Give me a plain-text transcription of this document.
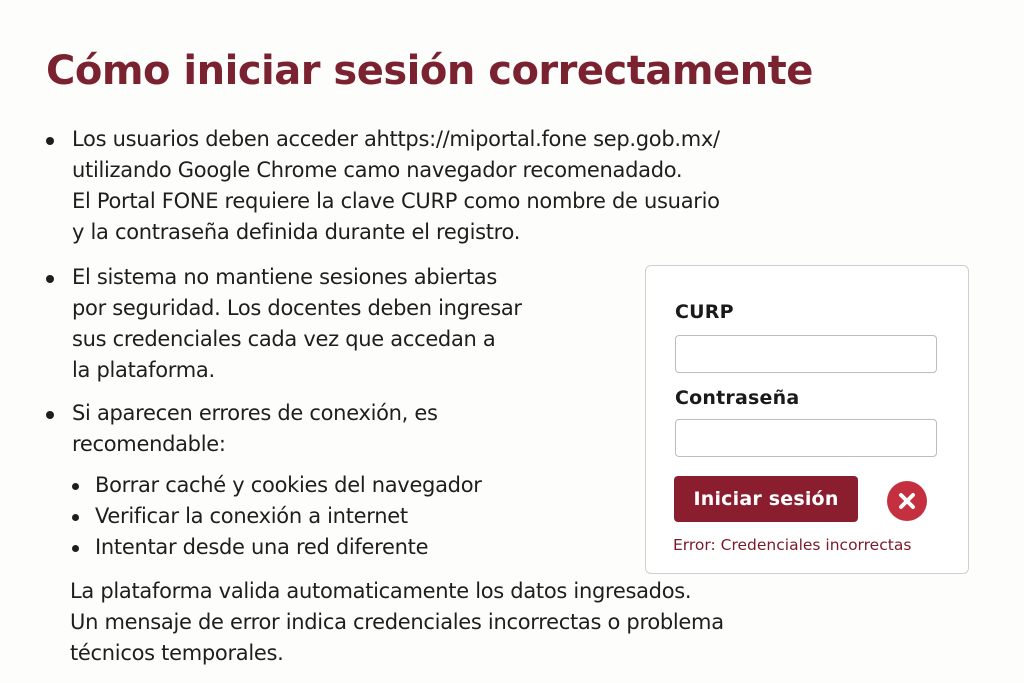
Cómo iniciar sesión correctamente
Los usuarios deben acceder ahttps://miportal.fone sep.gob.mx/
utilizando Google Chrome camo navegador recomenadado.
El Portal FONE requiere la clave CURP como nombre de usuario
y la contraseña definida durante el registro.
El sistema no mantiene sesiones abiertas
por seguridad. Los docentes deben ingresar
sus credenciales cada vez que accedan a
la plataforma.
Si aparecen errores de conexión, es
recomendable:
Borrar caché y cookies del navegador
Verificar la conexión a internet
Intentar desde una red diferente
La plataforma valida automaticamente los datos ingresados.
Un mensaje de error indica credenciales incorrectas o problema
técnicos temporales.
CURP
Contraseña
Iniciar sesión
Error: Credenciales incorrectas
